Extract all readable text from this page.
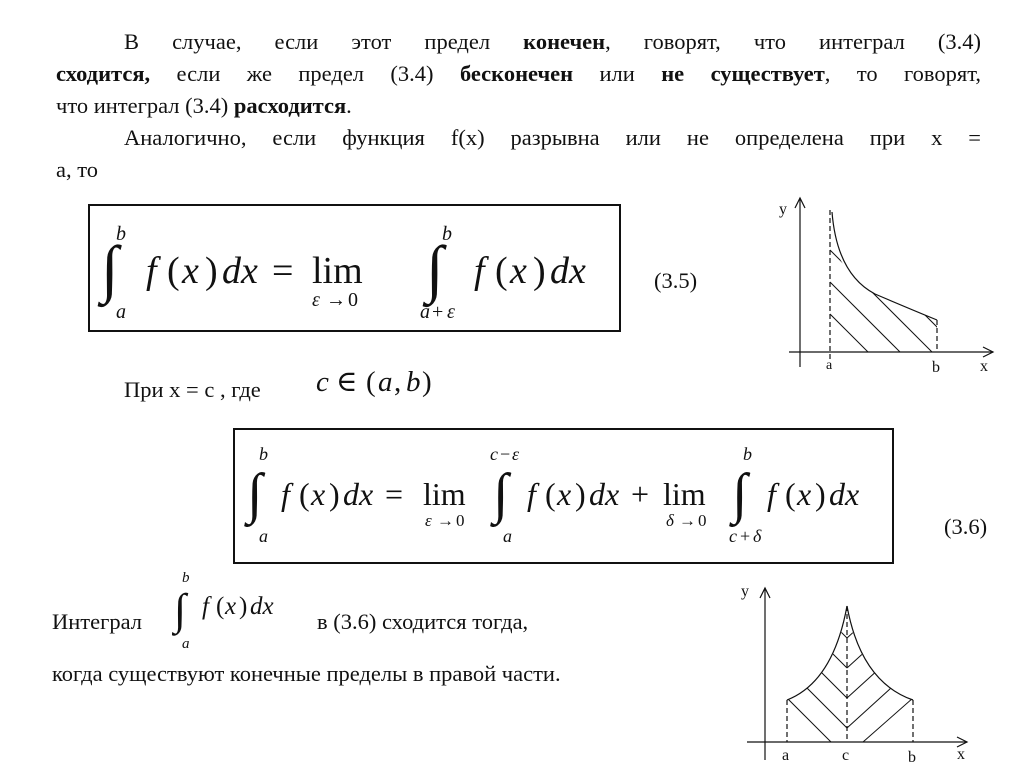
В случае, если этот предел конечен, говорят, что интеграл (3.4)
сходится, если же предел (3.4) бесконечен или не существует, то говорят,
что интеграл (3.4) расходится.
Аналогично, если функция f(x) разрывна или не определена при x =
a, то
b
∫
a
f ( x ) dx = lim
ε → 0
b
∫
a + ε
f ( x ) dx	(3.5)
y
x
a	b
При x = c , где c ∈ ( a , b )
b
∫
a
f ( x ) dx = lim
ε → 0
c − ε
∫
a
f ( x ) dx + lim
δ → 0
b
∫
c + δ
f ( x ) dx
(3.6)
Интеграл
b
∫
a
f ( x ) dx
в (3.6) сходится тогда,
когда существуют конечные пределы в правой части.
y
x
a	c	b
